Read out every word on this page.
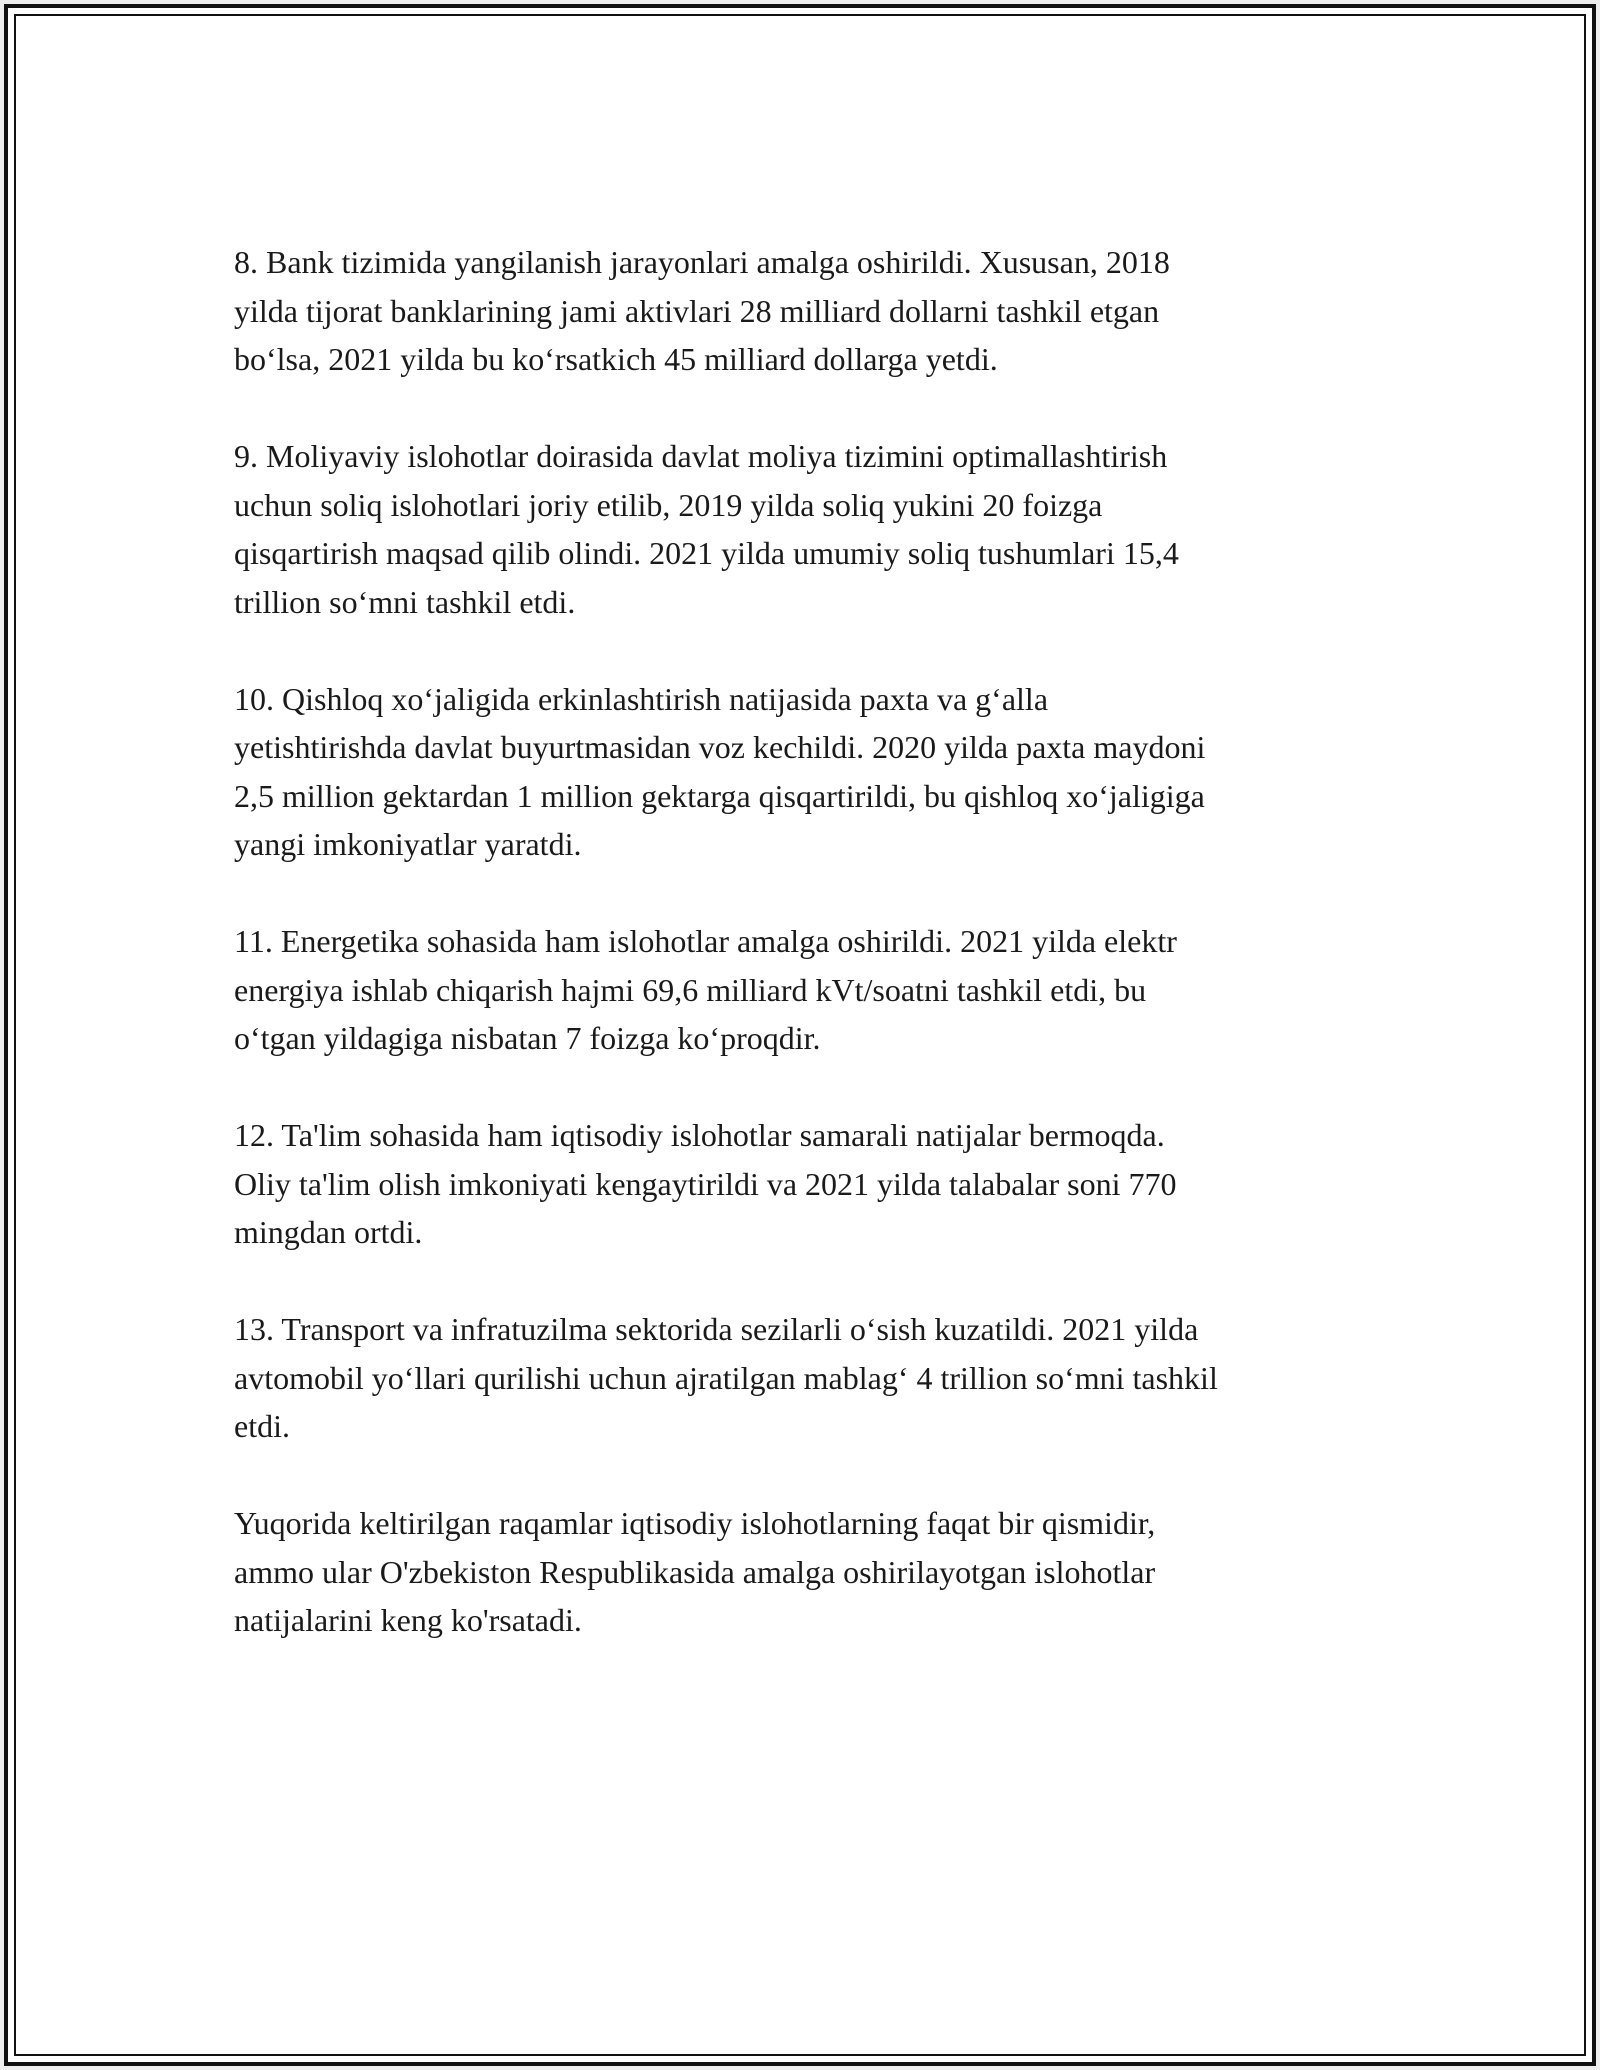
8. Bank tizimida yangilanish jarayonlari amalga oshirildi. Xususan, 2018
yilda tijorat banklarining jami aktivlari 28 milliard dollarni tashkil etgan
bo‘lsa, 2021 yilda bu ko‘rsatkich 45 milliard dollarga yetdi.

9. Moliyaviy islohotlar doirasida davlat moliya tizimini optimallashtirish
uchun soliq islohotlari joriy etilib, 2019 yilda soliq yukini 20 foizga
qisqartirish maqsad qilib olindi. 2021 yilda umumiy soliq tushumlari 15,4
trillion so‘mni tashkil etdi.

10. Qishloq xo‘jaligida erkinlashtirish natijasida paxta va g‘alla
yetishtirishda davlat buyurtmasidan voz kechildi. 2020 yilda paxta maydoni
2,5 million gektardan 1 million gektarga qisqartirildi, bu qishloq xo‘jaligiga
yangi imkoniyatlar yaratdi.

11. Energetika sohasida ham islohotlar amalga oshirildi. 2021 yilda elektr
energiya ishlab chiqarish hajmi 69,6 milliard kVt/soatni tashkil etdi, bu
o‘tgan yildagiga nisbatan 7 foizga ko‘proqdir.

12. Ta'lim sohasida ham iqtisodiy islohotlar samarali natijalar bermoqda.
Oliy ta'lim olish imkoniyati kengaytirildi va 2021 yilda talabalar soni 770
mingdan ortdi.

13. Transport va infratuzilma sektorida sezilarli o‘sish kuzatildi. 2021 yilda
avtomobil yo‘llari qurilishi uchun ajratilgan mablag‘ 4 trillion so‘mni tashkil
etdi.

Yuqorida keltirilgan raqamlar iqtisodiy islohotlarning faqat bir qismidir,
ammo ular O'zbekiston Respublikasida amalga oshirilayotgan islohotlar
natijalarini keng ko'rsatadi.
